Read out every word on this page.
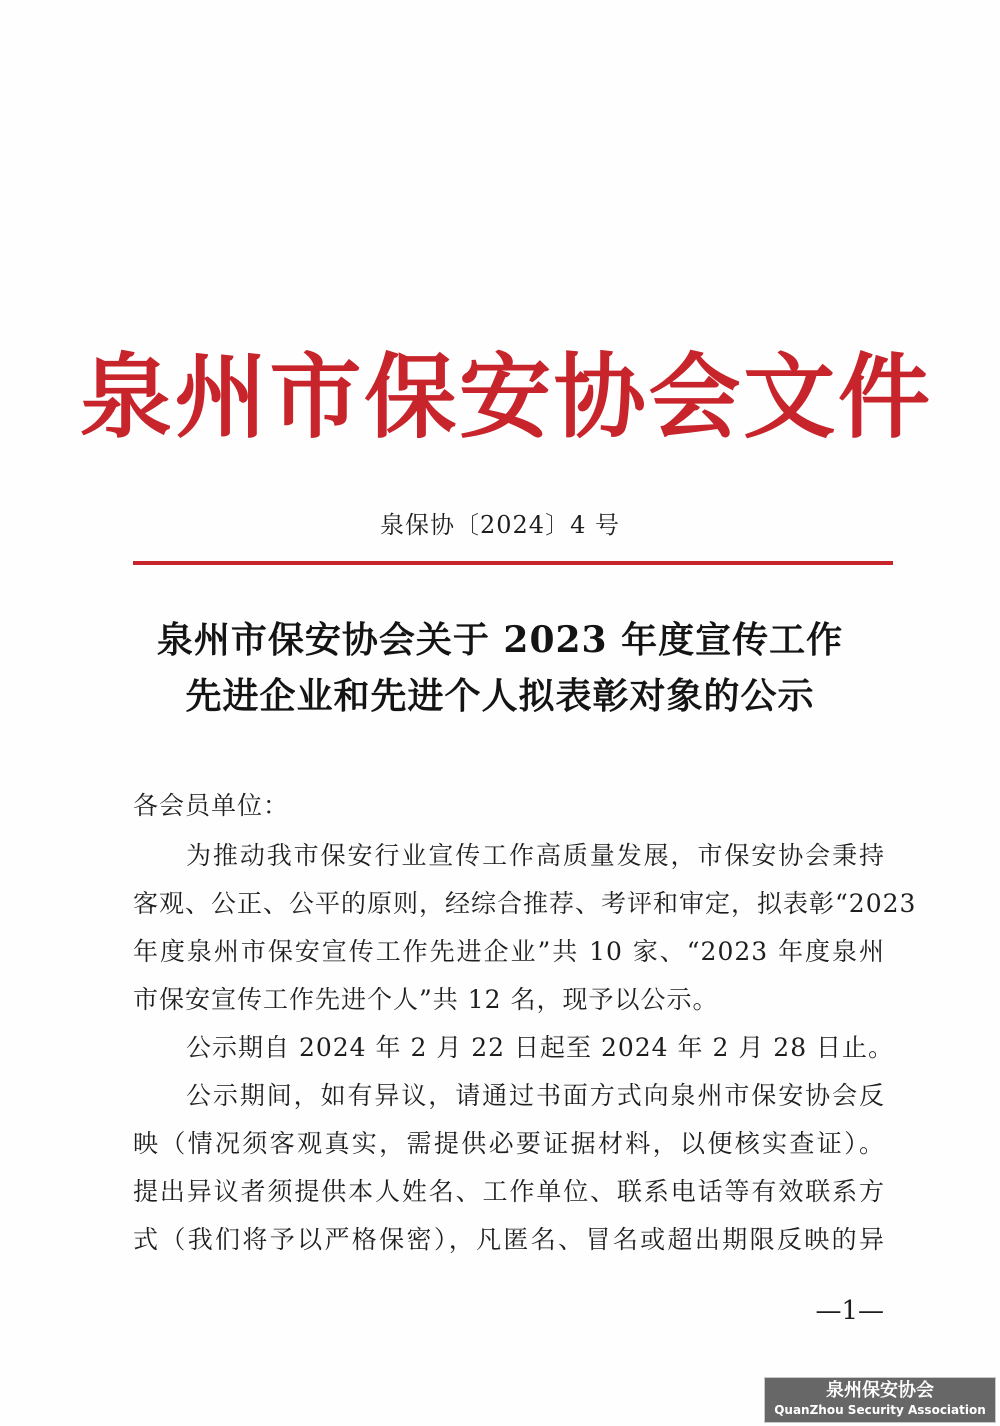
泉 州 市 保 安 协 会 文 件
泉保协〔2024〕4 号
泉州市保安协会关于 2023 年度宣传工作
先进企业和先进个人拟表彰对象的公示
各会员单位：
为推动我市保安行业宣传工作高质量发展，市保安协会秉持
客观、公正、公平的原则，经综合推荐、考评和审定，拟表彰“2023
年度泉州市保安宣传工作先进企业”共 10 家、“2023 年度泉州
市保安宣传工作先进个人”共 12 名，现予以公示。
公示期自 2024 年 2 月 22 日起至 2024 年 2 月 28 日止。
公示期间，如有异议，请通过书面方式向泉州市保安协会反
映（情况须客观真实，需提供必要证据材料，以便核实查证）。
提出异议者须提供本人姓名、工作单位、联系电话等有效联系方
式（我们将予以严格保密），凡匿名、冒名或超出期限反映的异
—1—
泉州保安协会
QuanZhou Security Association
